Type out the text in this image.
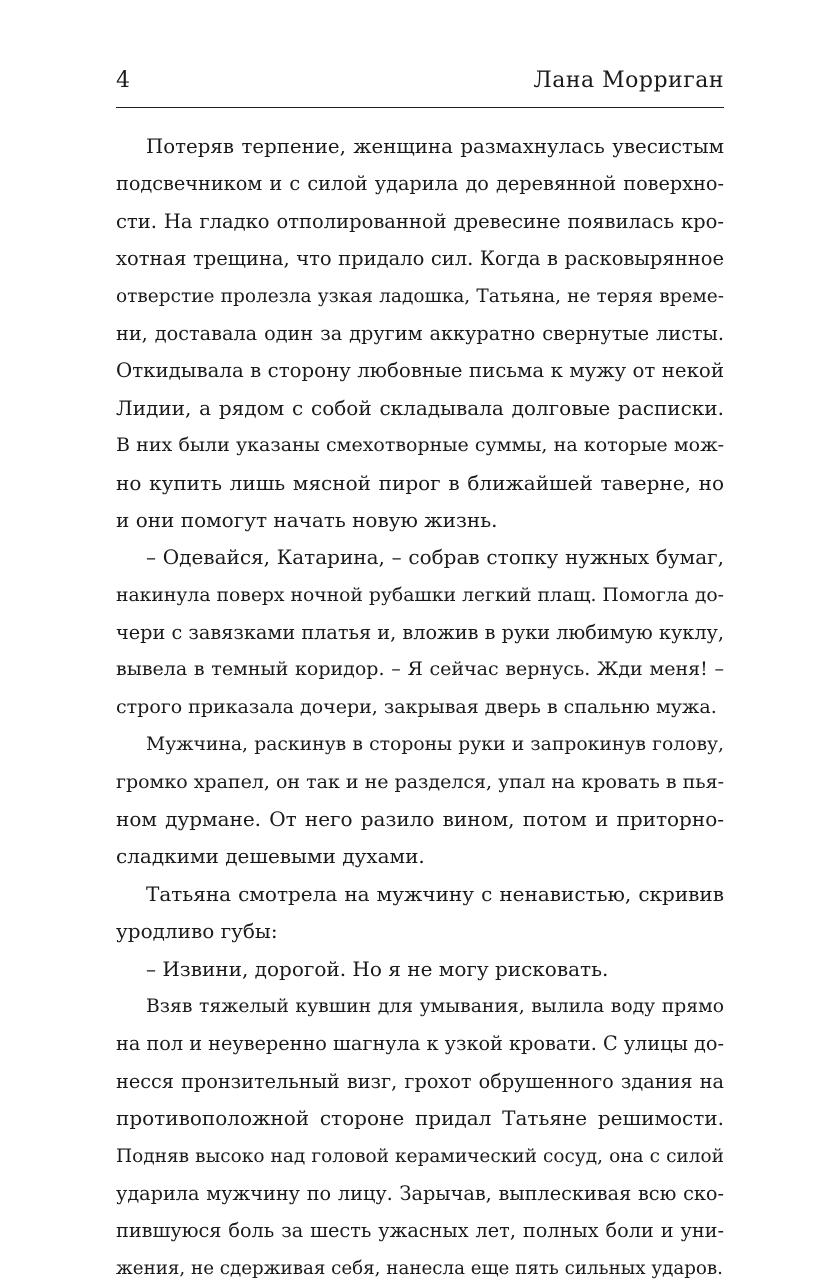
4	Лана Морриган
Потеряв терпение, женщина размахнулась увесистым
подсвечником и с силой ударила до деревянной поверхно-
сти. На гладко отполированной древесине появилась кро-
хотная трещина, что придало сил. Когда в расковырянное
отверстие пролезла узкая ладошка, Татьяна, не теряя време-
ни, доставала один за другим аккуратно свернутые листы.
Откидывала в сторону любовные письма к мужу от некой
Лидии, а рядом с собой складывала долговые расписки.
В них были указаны смехотворные суммы, на которые мож-
но купить лишь мясной пирог в ближайшей таверне, но
и они помогут начать новую жизнь.
– Одевайся, Катарина, – собрав стопку нужных бумаг,
накинула поверх ночной рубашки легкий плащ. Помогла до-
чери с завязками платья и, вложив в руки любимую куклу,
вывела в темный коридор. – Я сейчас вернусь. Жди меня! –
строго приказала дочери, закрывая дверь в спальню мужа.
Мужчина, раскинув в стороны руки и запрокинув голову,
громко храпел, он так и не разделся, упал на кровать в пья-
ном дурмане. От него разило вином, потом и приторно-
сладкими дешевыми духами.
Татьяна смотрела на мужчину с ненавистью, скривив
уродливо губы:
– Извини, дорогой. Но я не могу рисковать.
Взяв тяжелый кувшин для умывания, вылила воду прямо
на пол и неуверенно шагнула к узкой кровати. С улицы до-
несся пронзительный визг, грохот обрушенного здания на
противоположной стороне придал Татьяне решимости.
Подняв высоко над головой керамический сосуд, она с силой
ударила мужчину по лицу. Зарычав, выплескивая всю ско-
пившуюся боль за шесть ужасных лет, полных боли и уни-
жения, не сдерживая себя, нанесла еще пять сильных ударов.
